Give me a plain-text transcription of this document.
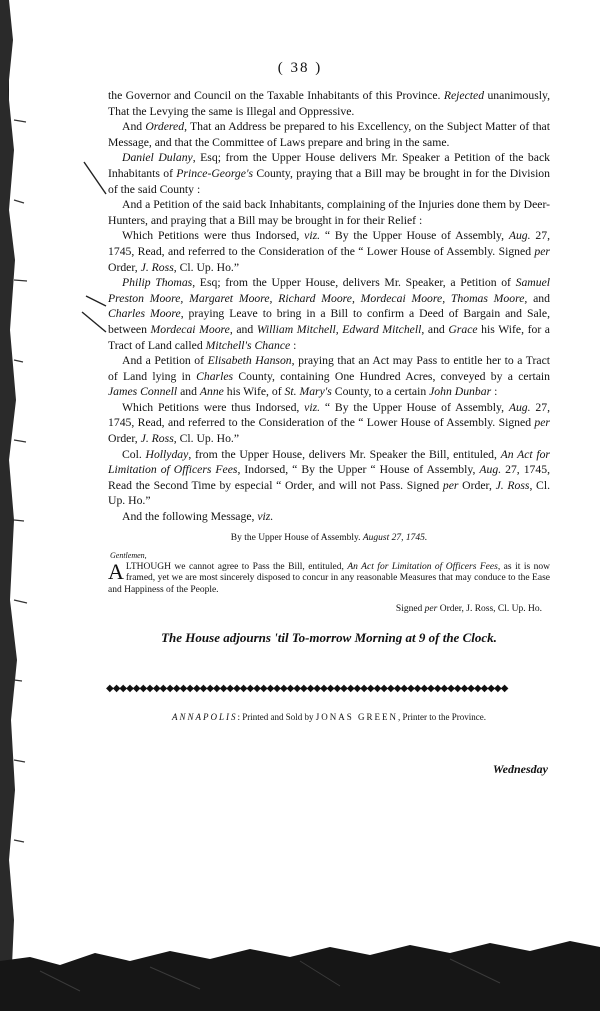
( 38 )

the Governor and Council on the Taxable Inhabitants of this Province. Rejected unanimously, That the Levying the same is Illegal and Oppressive.

And Ordered, That an Address be prepared to his Excellency, on the Subject Matter of that Message, and that the Committee of Laws prepare and bring in the same.

Daniel Dulany, Esq; from the Upper House delivers Mr. Speaker a Petition of the back Inhabitants of Prince-George's County, praying that a Bill may be brought in for the Division of the said County :

And a Petition of the said back Inhabitants, complaining of the Injuries done them by Deer-Hunters, and praying that a Bill may be brought in for their Relief :

Which Petitions were thus Indorsed, viz. “ By the Upper House of Assembly, Aug. 27, 1745, Read, and referred to the Consideration of the “ Lower House of Assembly. Signed per Order, J. Ross, Cl. Up. Ho.”

Philip Thomas, Esq; from the Upper House, delivers Mr. Speaker, a Petition of Samuel Preston Moore, Margaret Moore, Richard Moore, Mordecai Moore, Thomas Moore, and Charles Moore, praying Leave to bring in a Bill to confirm a Deed of Bargain and Sale, between Mordecai Moore, and William Mitchell, Edward Mitchell, and Grace his Wife, for a Tract of Land called Mitchell's Chance :

And a Petition of Elisabeth Hanson, praying that an Act may Pass to entitle her to a Tract of Land lying in Charles County, containing One Hundred Acres, conveyed by a certain James Connell and Anne his Wife, of St. Mary's County, to a certain John Dunbar :

Which Petitions were thus Indorsed, viz. “ By the Upper House of Assembly, Aug. 27, 1745, Read, and referred to the Consideration of the “ Lower House of Assembly. Signed per Order, J. Ross, Cl. Up. Ho.”

Col. Hollyday, from the Upper House, delivers Mr. Speaker the Bill, entituled, An Act for Limitation of Officers Fees, Indorsed, “ By the Upper “ House of Assembly, Aug. 27, 1745, Read the Second Time by especial “ Order, and will not Pass. Signed per Order, J. Ross, Cl. Up. Ho.”

And the following Message, viz.

By the Upper House of Assembly. August 27, 1745.

Gentlemen,

ALTHOUGH we cannot agree to Pass the Bill, entituled, An Act for Limitation of Officers Fees, as it is now framed, yet we are most sincerely disposed to concur in any reasonable Measures that may conduce to the Ease and Happiness of the People.

Signed per Order, J. Ross, Cl. Up. Ho.

The House adjourns 'til To-morrow Morning at 9 of the Clock.

◆◆◆◆◆◆◆◆◆◆◆◆◆◆◆◆◆◆◆◆◆◆◆◆◆◆◆◆◆◆◆◆◆◆◆◆◆◆◆◆◆◆◆◆◆◆◆◆◆◆◆◆◆◆◆◆◆◆◆◆
ANNAPOLIS: Printed and Sold by JONAS GREEN, Printer to the Province.
Wednesday
